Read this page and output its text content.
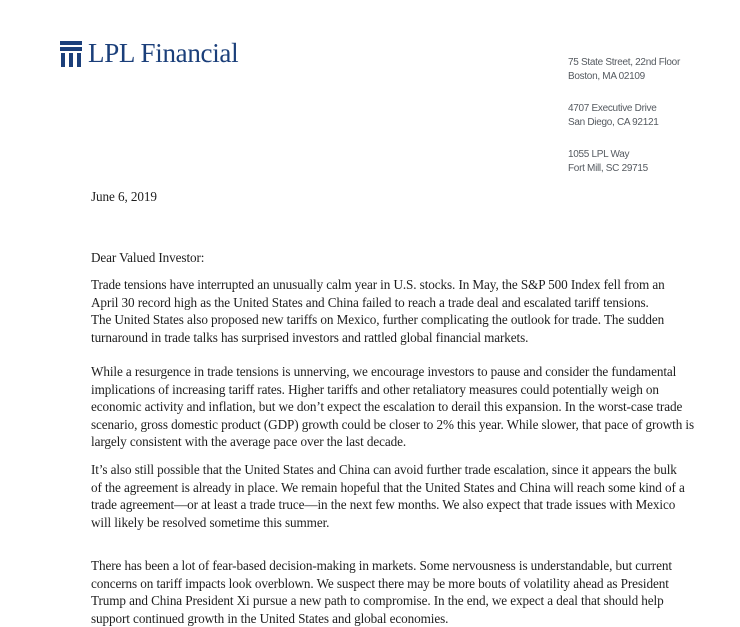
LPL Financial	75 State Street, 22nd Floor
Boston, MA 02109
4707 Executive Drive
San Diego, CA 92121
1055 LPL Way
Fort Mill, SC 29715
June 6, 2019
Dear Valued Investor:
Trade tensions have interrupted an unusually calm year in U.S. stocks. In May, the S&P 500 Index fell from an
April 30 record high as the United States and China failed to reach a trade deal and escalated tariff tensions.
The United States also proposed new tariffs on Mexico, further complicating the outlook for trade. The sudden
turnaround in trade talks has surprised investors and rattled global financial markets.
While a resurgence in trade tensions is unnerving, we encourage investors to pause and consider the fundamental
implications of increasing tariff rates. Higher tariffs and other retaliatory measures could potentially weigh on
economic activity and inflation, but we don’t expect the escalation to derail this expansion. In the worst-case trade
scenario, gross domestic product (GDP) growth could be closer to 2% this year. While slower, that pace of growth is
largely consistent with the average pace over the last decade.
It’s also still possible that the United States and China can avoid further trade escalation, since it appears the bulk
of the agreement is already in place. We remain hopeful that the United States and China will reach some kind of a
trade agreement—or at least a trade truce—in the next few months. We also expect that trade issues with Mexico
will likely be resolved sometime this summer.
There has been a lot of fear-based decision-making in markets. Some nervousness is understandable, but current
concerns on tariff impacts look overblown. We suspect there may be more bouts of volatility ahead as President
Trump and China President Xi pursue a new path to compromise. In the end, we expect a deal that should help
support continued growth in the United States and global economies.
